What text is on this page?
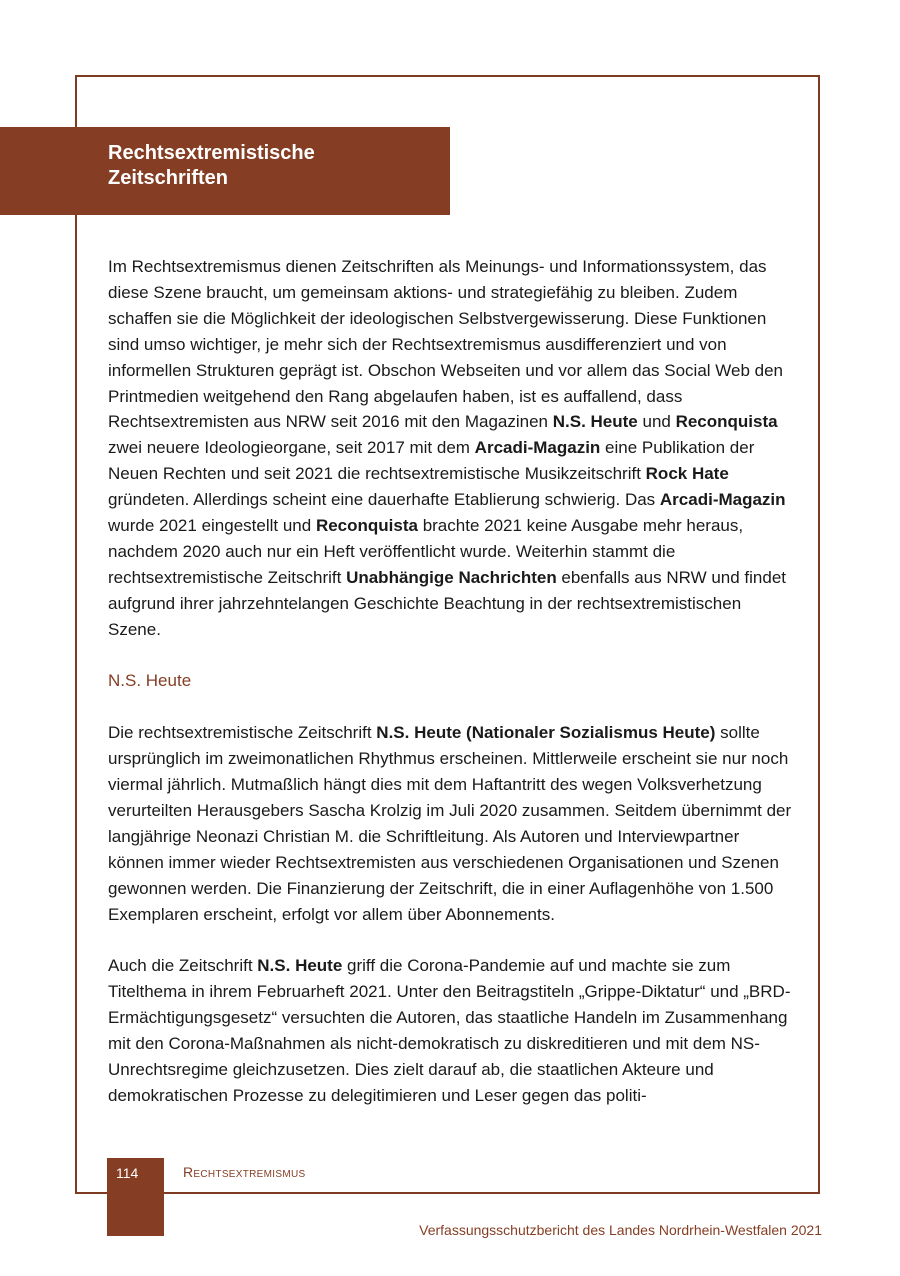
Rechtsextremistische Zeitschriften

Im Rechtsextremismus dienen Zeitschriften als Meinungs- und Informationssystem, das diese Szene braucht, um gemeinsam aktions- und strategiefähig zu bleiben. Zudem schaffen sie die Möglichkeit der ideologischen Selbstvergewisserung. Diese Funktionen sind umso wichtiger, je mehr sich der Rechtsextremismus ausdifferenziert und von informellen Strukturen geprägt ist. Obschon Webseiten und vor allem das Social Web den Printmedien weitgehend den Rang abgelaufen haben, ist es auffallend, dass Rechtsextremisten aus NRW seit 2016 mit den Magazinen N.S. Heute und Reconquista zwei neuere Ideologieorgane, seit 2017 mit dem Arcadi-Magazin eine Publikation der Neuen Rechten und seit 2021 die rechtsextremistische Musikzeitschrift Rock Hate gründeten. Allerdings scheint eine dauerhafte Etablierung schwierig. Das Arcadi-Magazin wurde 2021 eingestellt und Reconquista brachte 2021 keine Ausgabe mehr heraus, nachdem 2020 auch nur ein Heft veröffentlicht wurde. Weiterhin stammt die rechtsextremistische Zeitschrift Unabhängige Nachrichten ebenfalls aus NRW und findet aufgrund ihrer jahrzehntelangen Geschichte Beachtung in der rechtsextremistischen Szene.

N.S. Heute

Die rechtsextremistische Zeitschrift N.S. Heute (Nationaler Sozialismus Heute) sollte ursprünglich im zweimonatlichen Rhythmus erscheinen. Mittlerweile erscheint sie nur noch viermal jährlich. Mutmaßlich hängt dies mit dem Haftantritt des wegen Volksverhetzung verurteilten Herausgebers Sascha Krolzig im Juli 2020 zusammen. Seitdem übernimmt der langjährige Neonazi Christian M. die Schriftleitung. Als Autoren und Interviewpartner können immer wieder Rechtsextremisten aus verschiedenen Organisationen und Szenen gewonnen werden. Die Finanzierung der Zeitschrift, die in einer Auflagenhöhe von 1.500 Exemplaren erscheint, erfolgt vor allem über Abonnements.

Auch die Zeitschrift N.S. Heute griff die Corona-Pandemie auf und machte sie zum Titelthema in ihrem Februarheft 2021. Unter den Beitragstiteln „Grippe-Diktatur“ und „BRD-Ermächtigungsgesetz“ versuchten die Autoren, das staatliche Handeln im Zusammenhang mit den Corona-Maßnahmen als nicht-demokratisch zu diskreditieren und mit dem NS-Unrechtsregime gleichzusetzen. Dies zielt darauf ab, die staatlichen Akteure und demokratischen Prozesse zu delegitimieren und Leser gegen das politi-

114	Rechtsextremismus
Verfassungsschutzbericht des Landes Nordrhein-Westfalen 2021
